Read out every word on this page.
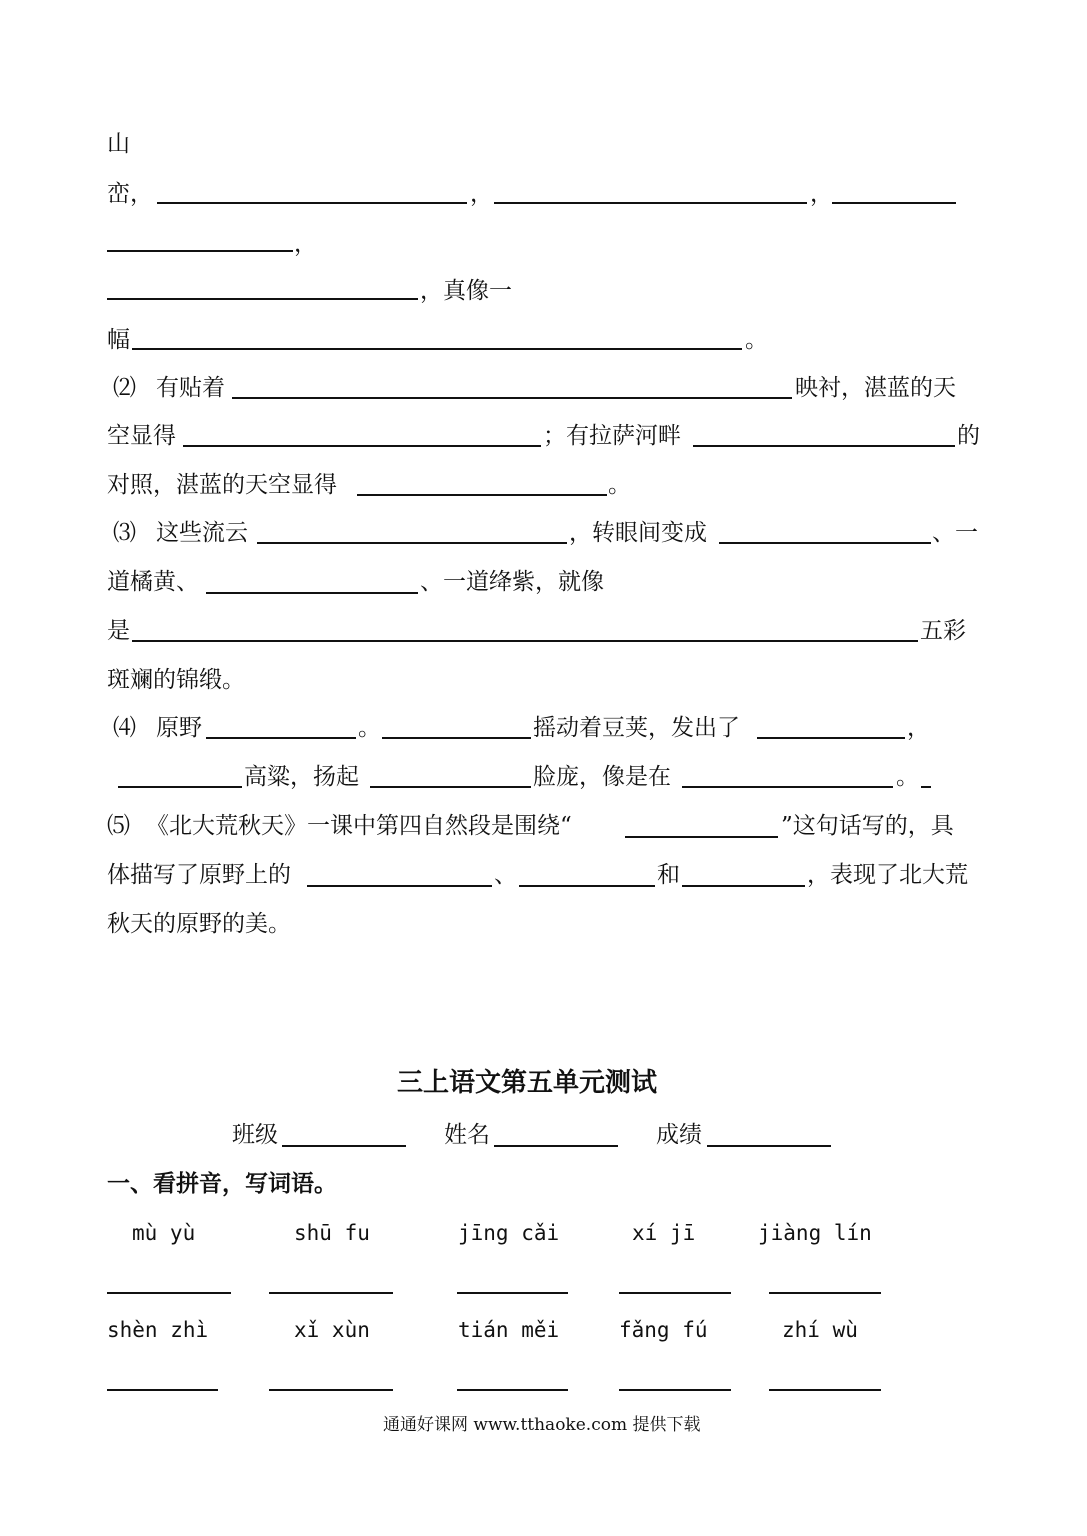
山
峦，	，	，
，
，真像一
幅	。
⑵ 有贴着	映衬，湛蓝的天
空显得	；有拉萨河畔	的
对照，湛蓝的天空显得	。
⑶ 这些流云	，转眼间变成	、一
道橘黄、	、一道绛紫，就像
是	五彩
斑斓的锦缎。
⑷ 原野	。	摇动着豆荚，发出了	，
高粱，扬起	脸庞，像是在	。
⑸ 《北大荒秋天》一课中第四自然段是围绕“	”这句话写的，具
体描写了原野上的	、	和	，表现了北大荒
秋天的原野的美。
三上语文第五单元测试
班级	姓名	成绩
一、看拼音，写词语。
mù yù	shū fu	jīng cǎi	xí jī	jiàng lín
shèn zhì	xǐ xùn	tián měi	fǎng fú	zhí wù
通通好课网 www.tthaoke.com 提供下载
